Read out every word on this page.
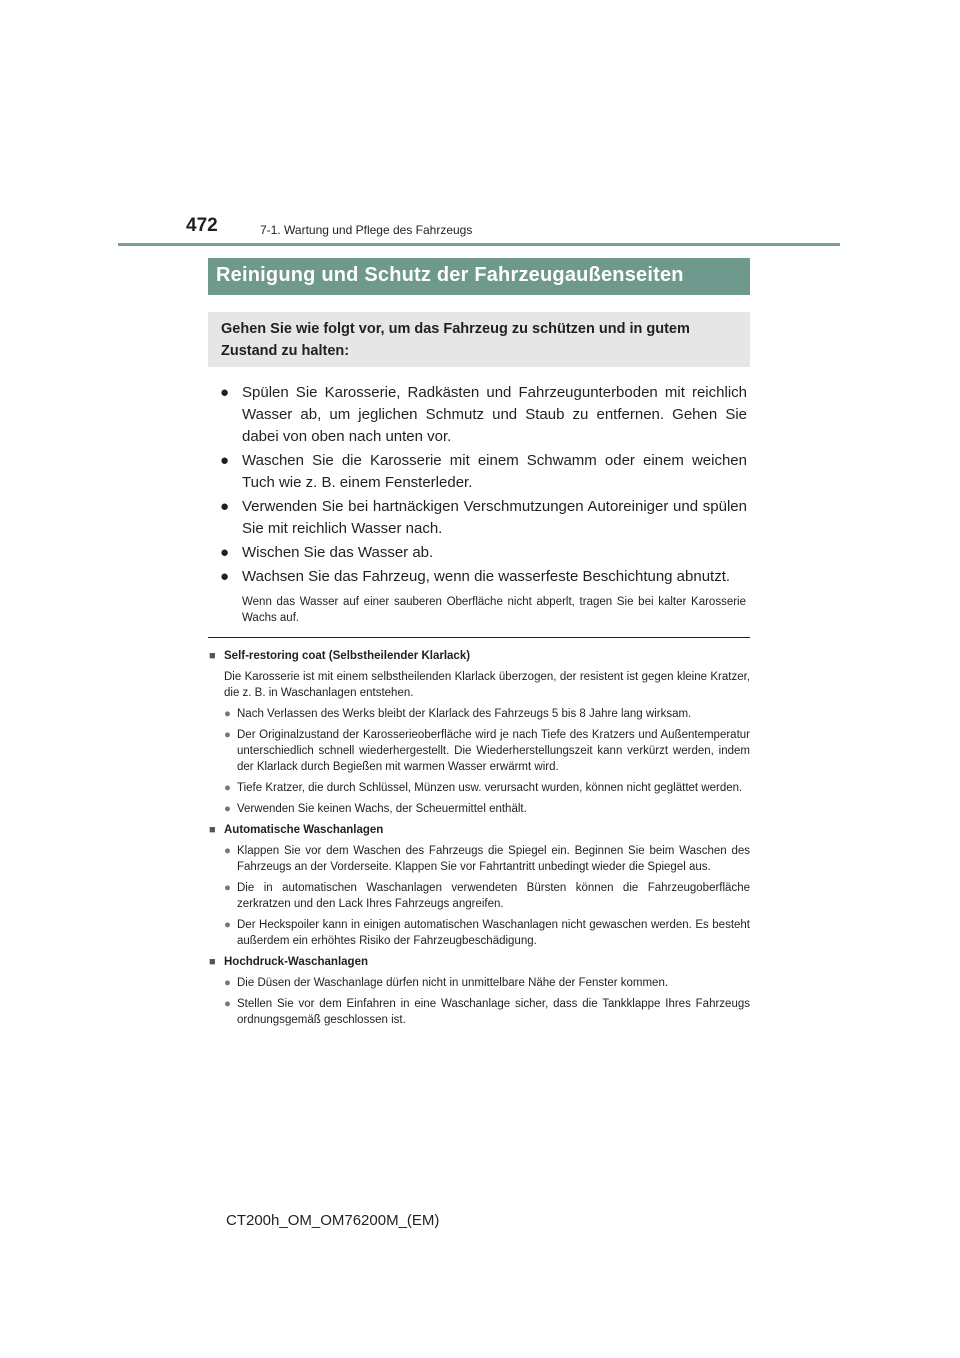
472	7-1. Wartung und Pflege des Fahrzeugs
Reinigung und Schutz der Fahrzeugaußenseiten
Gehen Sie wie folgt vor, um das Fahrzeug zu schützen und in gutem Zustand zu halten:
● Spülen Sie Karosserie, Radkästen und Fahrzeugunterboden mit reichlich Wasser ab, um jeglichen Schmutz und Staub zu entfernen. Gehen Sie dabei von oben nach unten vor.
● Waschen Sie die Karosserie mit einem Schwamm oder einem weichen Tuch wie z. B. einem Fensterleder.
● Verwenden Sie bei hartnäckigen Verschmutzungen Autoreiniger und spülen Sie mit reichlich Wasser nach.
● Wischen Sie das Wasser ab.
● Wachsen Sie das Fahrzeug, wenn die wasserfeste Beschichtung abnutzt.
Wenn das Wasser auf einer sauberen Oberfläche nicht abperlt, tragen Sie bei kalter Karosserie Wachs auf.
■ Self-restoring coat (Selbstheilender Klarlack)
Die Karosserie ist mit einem selbstheilenden Klarlack überzogen, der resistent ist gegen kleine Kratzer, die z. B. in Waschanlagen entstehen.
● Nach Verlassen des Werks bleibt der Klarlack des Fahrzeugs 5 bis 8 Jahre lang wirksam.
● Der Originalzustand der Karosserieoberfläche wird je nach Tiefe des Kratzers und Außentemperatur unterschiedlich schnell wiederhergestellt. Die Wiederherstellungszeit kann verkürzt werden, indem der Klarlack durch Begießen mit warmen Wasser erwärmt wird.
● Tiefe Kratzer, die durch Schlüssel, Münzen usw. verursacht wurden, können nicht geglättet werden.
● Verwenden Sie keinen Wachs, der Scheuermittel enthält.
■ Automatische Waschanlagen
● Klappen Sie vor dem Waschen des Fahrzeugs die Spiegel ein. Beginnen Sie beim Waschen des Fahrzeugs an der Vorderseite. Klappen Sie vor Fahrtantritt unbedingt wieder die Spiegel aus.
● Die in automatischen Waschanlagen verwendeten Bürsten können die Fahrzeugoberfläche zerkratzen und den Lack Ihres Fahrzeugs angreifen.
● Der Heckspoiler kann in einigen automatischen Waschanlagen nicht gewaschen werden. Es besteht außerdem ein erhöhtes Risiko der Fahrzeugbeschädigung.
■ Hochdruck-Waschanlagen
● Die Düsen der Waschanlage dürfen nicht in unmittelbare Nähe der Fenster kommen.
● Stellen Sie vor dem Einfahren in eine Waschanlage sicher, dass die Tankklappe Ihres Fahrzeugs ordnungsgemäß geschlossen ist.
CT200h_OM_OM76200M_(EM)
